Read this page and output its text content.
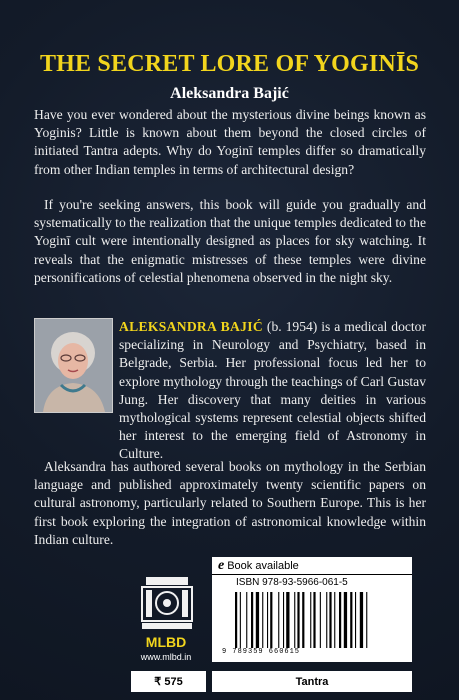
THE SECRET LORE OF YOGINĪS
Aleksandra Bajić

Have you ever wondered about the mysterious divine beings known as Yoginis? Little is known about them beyond the closed circles of initiated Tantra adepts. Why do Yoginī temples differ so dramatically from other Indian temples in terms of architectural design?

If you're seeking answers, this book will guide you gradually and systematically to the realization that the unique temples dedicated to the Yoginī cult were intentionally designed as places for sky watching. It reveals that the enigmatic mistresses of these temples were divine personifications of celestial phenomena observed in the night sky.

ALEKSANDRA BAJIĆ (b. 1954) is a medical doctor specializing in Neurology and Psychiatry, based in Belgrade, Serbia. Her professional focus led her to explore mythology through the teachings of Carl Gustav Jung. Her discovery that many deities in various mythological systems represent celestial objects shifted her interest to the emerging field of Astronomy in Culture.

Aleksandra has authored several books on mythology in the Serbian language and published approximately twenty scientific papers on cultural astronomy, particularly related to Southern Europe. This is her first book exploring the integration of astronomical knowledge within Indian culture.

MLBD
www.mlbd.in
e Book available
ISBN 978-93-5966-061-5
9 789359 660615
₹ 575	Tantra
